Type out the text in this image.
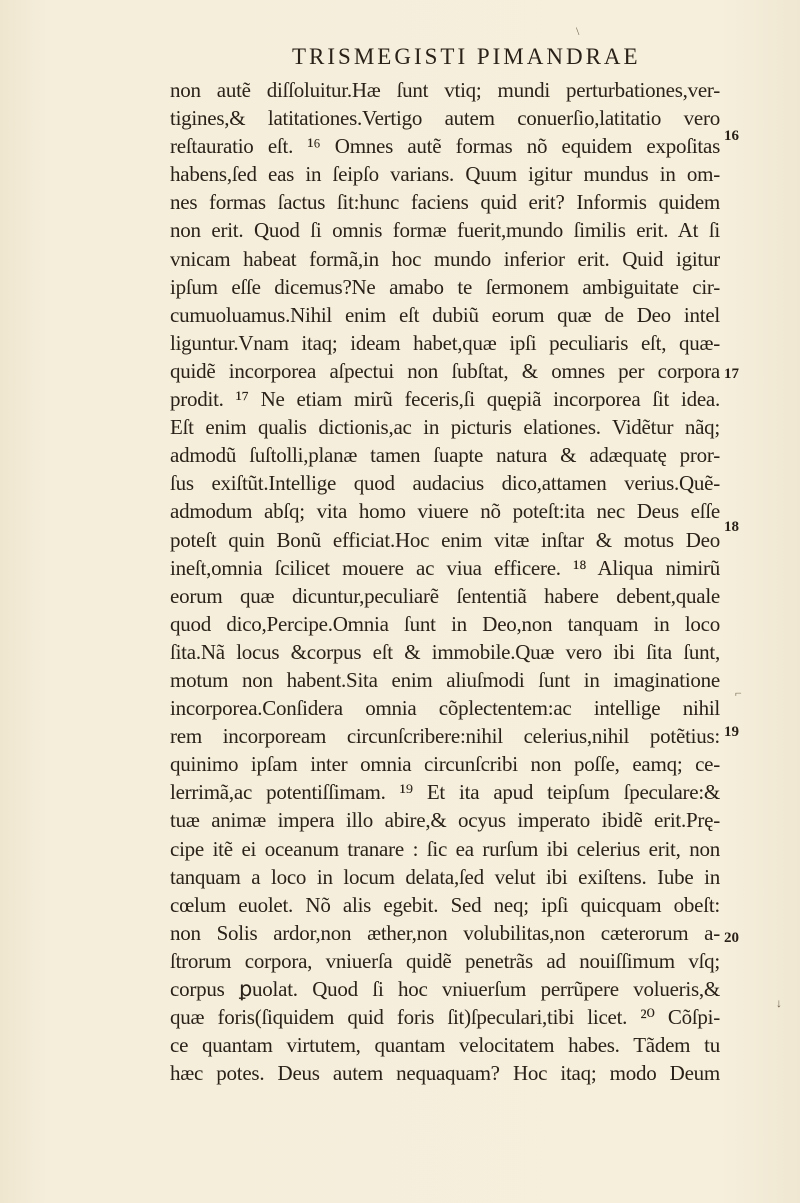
TRISMEGISTI PIMANDRAE
non autẽ diſſoluitur.Hæ ſunt vtiq; mundi perturbationes,ver-
tigines,& latitationes.Vertigo autem conuerſio,latitatio vero
reſtauratio eſt. ¹⁶ Omnes autẽ formas nõ equidem expoſitas
habens,ſed eas in ſeipſo varians. Quum igitur mundus in om-
nes formas ſactus ſit:hunc faciens quid erit? Informis quidem
non erit. Quod ſi omnis formæ fuerit,mundo ſimilis erit. At ſi
vnicam habeat formã,in hoc mundo inferior erit. Quid igitur
ipſum eſſe dicemus?Ne amabo te ſermonem ambiguitate cir-
cumuoluamus.Nihil enim eſt dubiũ eorum quæ de Deo intel
liguntur.Vnam itaq; ideam habet,quæ ipſi peculiaris eſt, quæ-
quidẽ incorporea aſpectui non ſubſtat, & omnes per corpora
prodit. ¹⁷ Ne etiam mirũ feceris,ſi quępiã incorporea ſit idea.
Eſt enim qualis dictionis,ac in picturis elationes. Vidẽtur nãq;
admodũ ſuſtolli,planæ tamen ſuapte natura & adæquatę pror-
ſus exiſtũt.Intellige quod audacius dico,attamen verius.Quẽ-
admodum abſq; vita homo viuere nõ poteſt:ita nec Deus eſſe
poteſt quin Bonũ efficiat.Hoc enim vitæ inſtar & motus Deo
ineſt,omnia ſcilicet mouere ac viua efficere. ¹⁸ Aliqua nimirũ
eorum quæ dicuntur,peculiarẽ ſententiã habere debent,quale
quod dico,Percipe.Omnia ſunt in Deo,non tanquam in loco
ſita.Nã locus &corpus eſt & immobile.Quæ vero ibi ſita ſunt,
motum non habent.Sita enim aliuſmodi ſunt in imaginatione
incorporea.Conſidera omnia cõplectentem:ac intellige nihil
rem incorpoream circunſcribere:nihil celerius,nihil potẽtius:
quinimo ipſam inter omnia circunſcribi non poſſe, eamq; ce-
lerrimã,ac potentiſſimam. ¹⁹ Et ita apud teipſum ſpeculare:&
tuæ animæ impera illo abire,& ocyus imperato ibidẽ erit.Prę-
cipe itẽ ei oceanum tranare : ſic ea rurſum ibi celerius erit, non
tanquam a loco in locum delata,ſed velut ibi exiſtens. Iube in
cœlum euolet. Nõ alis egebit. Sed neq; ipſi quicquam obeſt:
non Solis ardor,non æther,non volubilitas,non cæterorum a-
ſtrorum corpora, vniuerſa quidẽ penetrãs ad nouiſſimum vſq;
corpus ꝑuolat. Quod ſi hoc vniuerſum perrũpere volueris,&
quæ foris(ſiquidem quid foris ſit)ſpeculari,tibi licet. ²⁰ Cõſpi-
ce quantam virtutem, quantam velocitatem habes. Tãdem tu
hæc potes. Deus autem nequaquam? Hoc itaq; modo Deum
16
17
18
19
20
\
⌐
↓
